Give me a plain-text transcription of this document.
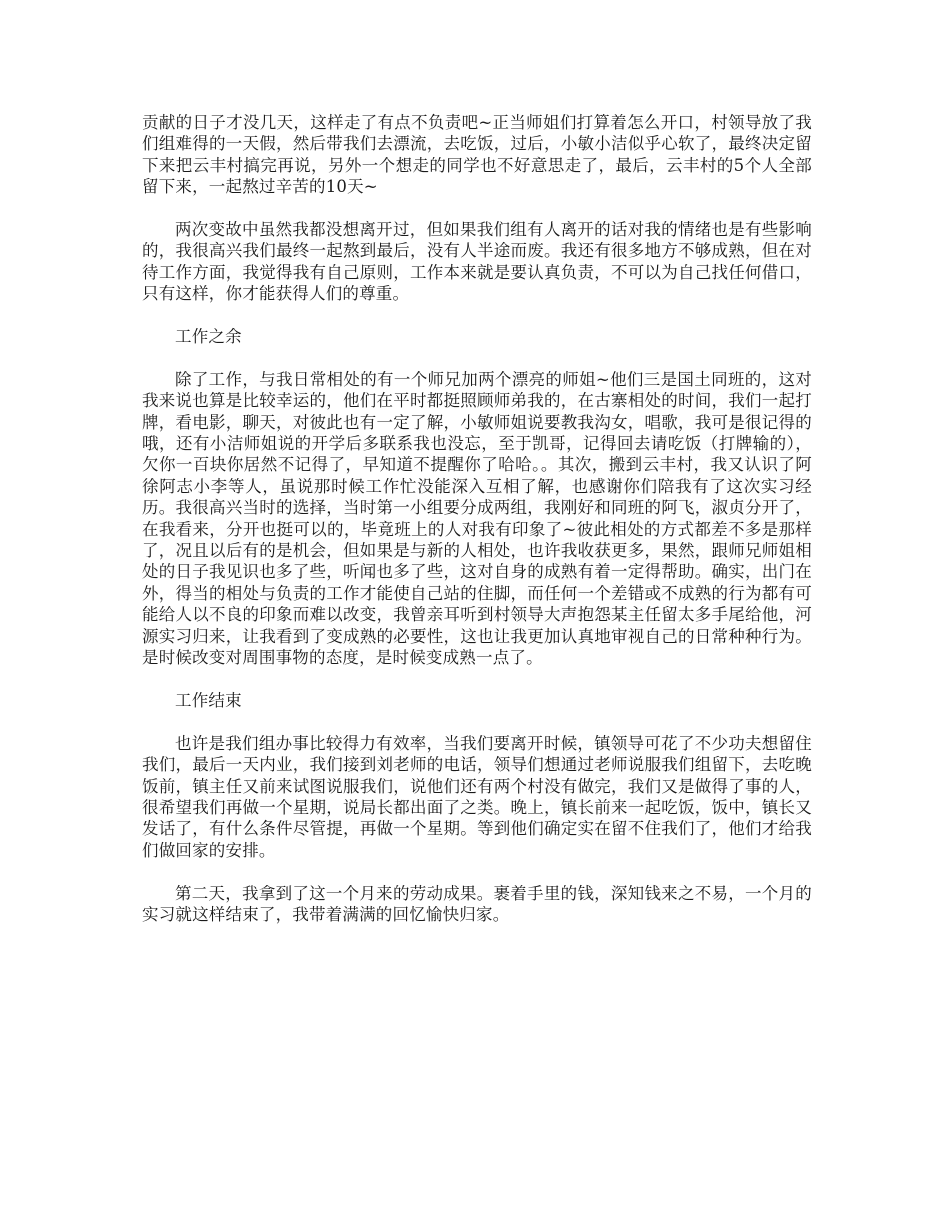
贡献的日子才没几天，这样走了有点不负责吧~正当师姐们打算着怎么开口，村领导放了我们组难得的一天假，然后带我们去漂流，去吃饭，过后，小敏小洁似乎心软了，最终决定留下来把云丰村搞完再说，另外一个想走的同学也不好意思走了，最后，云丰村的5个人全部留下来，一起熬过辛苦的10天~

两次变故中虽然我都没想离开过，但如果我们组有人离开的话对我的情绪也是有些影响的，我很高兴我们最终一起熬到最后，没有人半途而废。我还有很多地方不够成熟，但在对待工作方面，我觉得我有自己原则，工作本来就是要认真负责，不可以为自己找任何借口，只有这样，你才能获得人们的尊重。

工作之余

除了工作，与我日常相处的有一个师兄加两个漂亮的师姐~他们三是国土同班的，这对我来说也算是比较幸运的，他们在平时都挺照顾师弟我的，在古寨相处的时间，我们一起打牌，看电影，聊天，对彼此也有一定了解，小敏师姐说要教我沟女，唱歌，我可是很记得的哦，还有小洁师姐说的开学后多联系我也没忘，至于凯哥，记得回去请吃饭（打牌输的），欠你一百块你居然不记得了，早知道不提醒你了哈哈。。其次，搬到云丰村，我又认识了阿徐阿志小李等人，虽说那时候工作忙没能深入互相了解，也感谢你们陪我有了这次实习经历。我很高兴当时的选择，当时第一小组要分成两组，我刚好和同班的阿飞，淑贞分开了，在我看来，分开也挺可以的，毕竟班上的人对我有印象了~彼此相处的方式都差不多是那样了，况且以后有的是机会，但如果是与新的人相处，也许我收获更多，果然，跟师兄师姐相处的日子我见识也多了些，听闻也多了些，这对自身的成熟有着一定得帮助。确实，出门在外，得当的相处与负责的工作才能使自己站的住脚，而任何一个差错或不成熟的行为都有可能给人以不良的印象而难以改变，我曾亲耳听到村领导大声抱怨某主任留太多手尾给他，河源实习归来，让我看到了变成熟的必要性，这也让我更加认真地审视自己的日常种种行为。是时候改变对周围事物的态度，是时候变成熟一点了。

工作结束

也许是我们组办事比较得力有效率，当我们要离开时候，镇领导可花了不少功夫想留住我们，最后一天内业，我们接到刘老师的电话，领导们想通过老师说服我们组留下，去吃晚饭前，镇主任又前来试图说服我们，说他们还有两个村没有做完，我们又是做得了事的人，很希望我们再做一个星期，说局长都出面了之类。晚上，镇长前来一起吃饭，饭中，镇长又发话了，有什么条件尽管提，再做一个星期。等到他们确定实在留不住我们了，他们才给我们做回家的安排。

第二天，我拿到了这一个月来的劳动成果。裹着手里的钱，深知钱来之不易，一个月的实习就这样结束了，我带着满满的回忆愉快归家。
